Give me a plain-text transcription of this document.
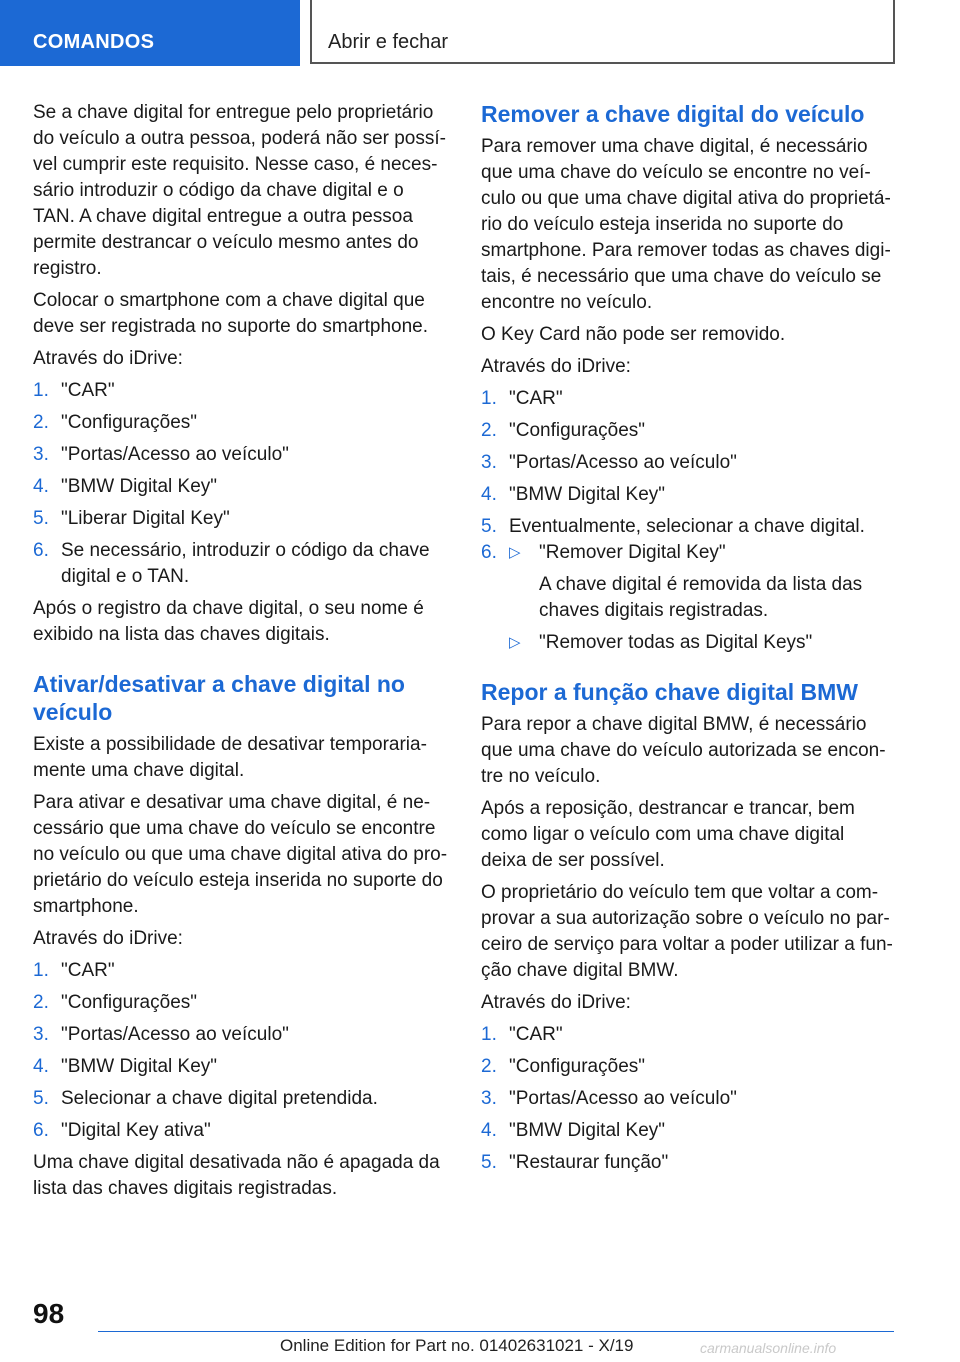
COMANDOS	Abrir e fechar

Se a chave digital for entregue pelo proprietário do veículo a outra pessoa, poderá não ser possível cumprir este requisito. Nesse caso, é necessário introduzir o código da chave digital e o TAN. A chave digital entregue a outra pessoa permite destrancar o veículo mesmo antes do registro.

Colocar o smartphone com a chave digital que deve ser registrada no suporte do smartphone.

Através do iDrive:

1. "CAR"
2. "Configurações"
3. "Portas/Acesso ao veículo"
4. "BMW Digital Key"
5. "Liberar Digital Key"
6. Se necessário, introduzir o código da chave digital e o TAN.

Após o registro da chave digital, o seu nome é exibido na lista das chaves digitais.

Ativar/desativar a chave digital no veículo

Existe a possibilidade de desativar temporariamente uma chave digital.

Para ativar e desativar uma chave digital, é necessário que uma chave do veículo se encontre no veículo ou que uma chave digital ativa do proprietário do veículo esteja inserida no suporte do smartphone.

Através do iDrive:

1. "CAR"
2. "Configurações"
3. "Portas/Acesso ao veículo"
4. "BMW Digital Key"
5. Selecionar a chave digital pretendida.
6. "Digital Key ativa"

Uma chave digital desativada não é apagada da lista das chaves digitais registradas.

Remover a chave digital do veículo

Para remover uma chave digital, é necessário que uma chave do veículo se encontre no veículo ou que uma chave digital ativa do proprietário do veículo esteja inserida no suporte do smartphone. Para remover todas as chaves digitais, é necessário que uma chave do veículo se encontre no veículo.

O Key Card não pode ser removido.

Através do iDrive:

1. "CAR"
2. "Configurações"
3. "Portas/Acesso ao veículo"
4. "BMW Digital Key"
5. Eventualmente, selecionar a chave digital.
6. ▷ "Remover Digital Key"
A chave digital é removida da lista das chaves digitais registradas.
▷ "Remover todas as Digital Keys"
Repor a função chave digital BMW

Para repor a chave digital BMW, é necessário que uma chave do veículo autorizada se encontre no veículo.

Após a reposição, destrancar e trancar, bem como ligar o veículo com uma chave digital deixa de ser possível.

O proprietário do veículo tem que voltar a comprovar a sua autorização sobre o veículo no parceiro de serviço para voltar a poder utilizar a função chave digital BMW.

Através do iDrive:

1. "CAR"
2. "Configurações"
3. "Portas/Acesso ao veículo"
4. "BMW Digital Key"
5. "Restaurar função"
98
Online Edition for Part no. 01402631021 - X/19	carmanualsonline.info
